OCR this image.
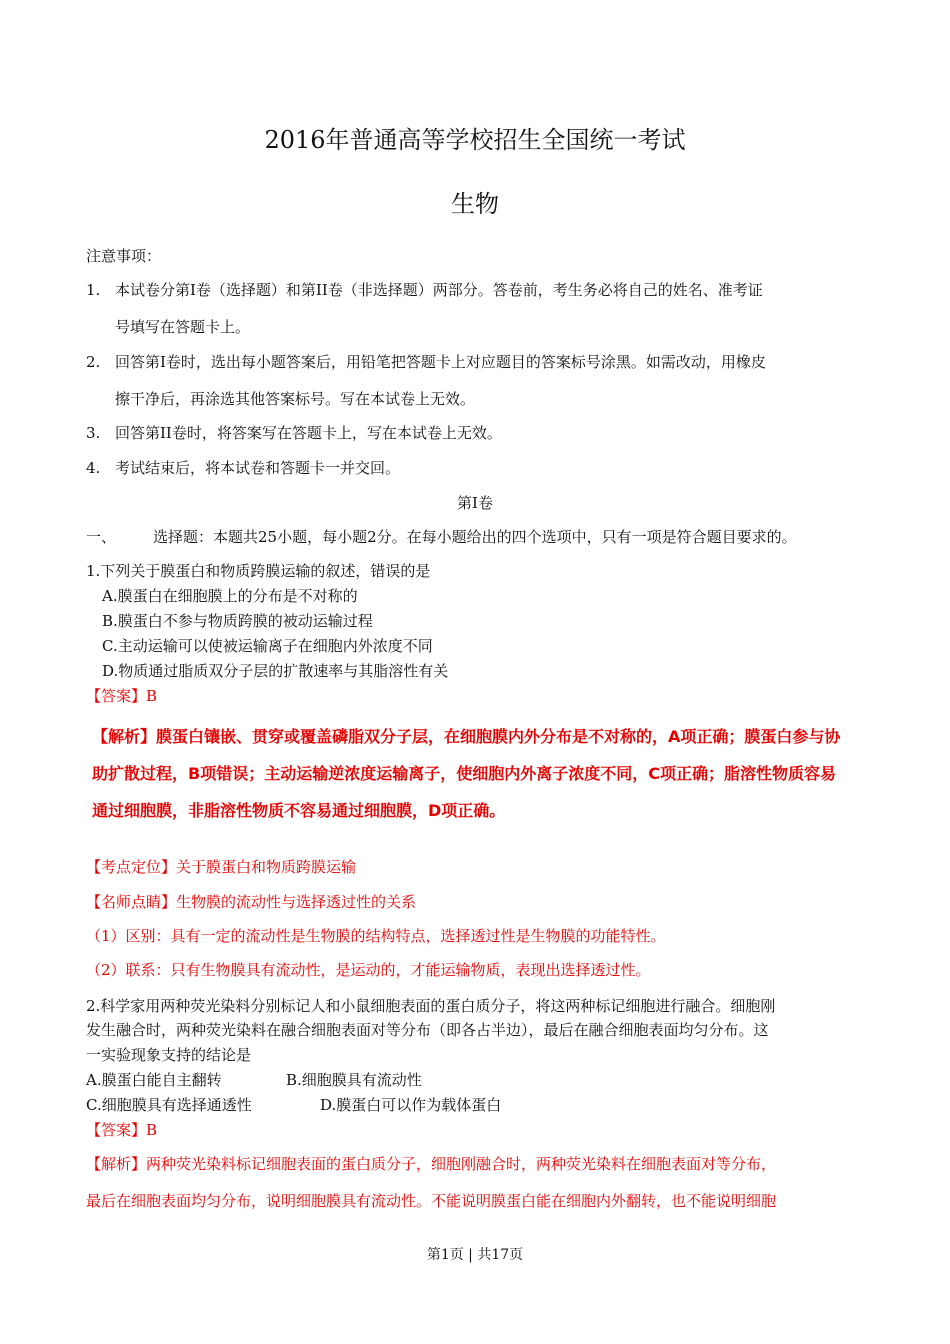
2016年普通高等学校招生全国统一考试
生物
注意事项：
1. 本试卷分第Ⅰ卷（选择题）和第II卷（非选择题）两部分。答卷前，考生务必将自己的姓名、准考证
号填写在答题卡上。
2. 回答第Ⅰ卷时，选出每小题答案后，用铅笔把答题卡上对应题目的答案标号涂黑。如需改动，用橡皮
擦干净后，再涂选其他答案标号。写在本试卷上无效。
3. 回答第II卷时，将答案写在答题卡上，写在本试卷上无效。
4. 考试结束后，将本试卷和答题卡一并交回。
第Ⅰ卷
一、 选择题：本题共25小题，每小题2分。在每小题给出的四个选项中，只有一项是符合题目要求的。
1.下列关于膜蛋白和物质跨膜运输的叙述，错误的是
A.膜蛋白在细胞膜上的分布是不对称的
B.膜蛋白不参与物质跨膜的被动运输过程
C.主动运输可以使被运输离子在细胞内外浓度不同
D.物质通过脂质双分子层的扩散速率与其脂溶性有关
【答案】B
【解析】膜蛋白镶嵌、贯穿或覆盖磷脂双分子层，在细胞膜内外分布是不对称的，A项正确；膜蛋白参与协
助扩散过程，B项错误；主动运输逆浓度运输离子，使细胞内外离子浓度不同，C项正确；脂溶性物质容易
通过细胞膜，非脂溶性物质不容易通过细胞膜，D项正确。
【考点定位】关于膜蛋白和物质跨膜运输
【名师点睛】生物膜的流动性与选择透过性的关系
（1）区别：具有一定的流动性是生物膜的结构特点，选择透过性是生物膜的功能特性。
（2）联系：只有生物膜具有流动性，是运动的，才能运输物质，表现出选择透过性。
2.科学家用两种荧光染料分别标记人和小鼠细胞表面的蛋白质分子，将这两种标记细胞进行融合。细胞刚
发生融合时，两种荧光染料在融合细胞表面对等分布（即各占半边），最后在融合细胞表面均匀分布。这
一实验现象支持的结论是
A.膜蛋白能自主翻转	B.细胞膜具有流动性
C.细胞膜具有选择通透性	D.膜蛋白可以作为载体蛋白
【答案】B
【解析】两种荧光染料标记细胞表面的蛋白质分子，细胞刚融合时，两种荧光染料在细胞表面对等分布，
最后在细胞表面均匀分布，说明细胞膜具有流动性。不能说明膜蛋白能在细胞内外翻转，也不能说明细胞
第1页 | 共17页
